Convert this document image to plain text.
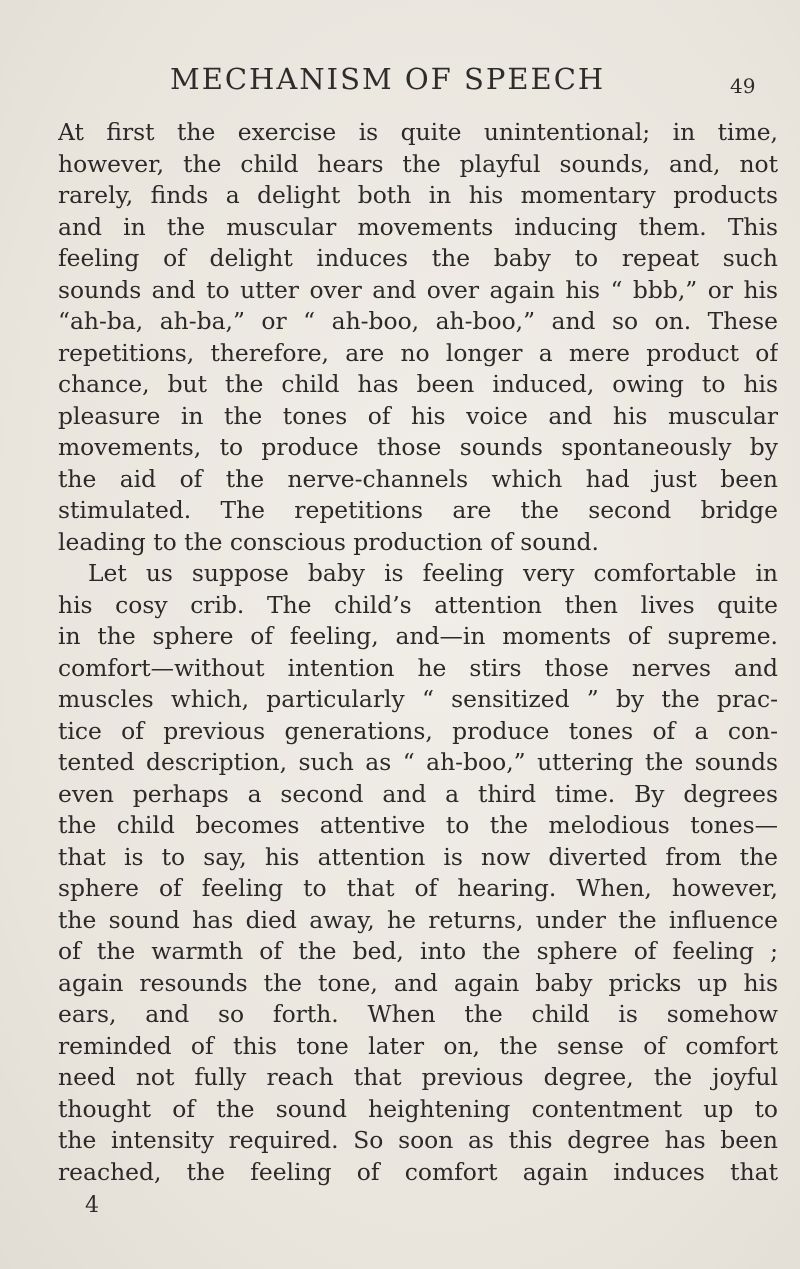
MECHANISM OF SPEECH	49
At first the exercise is quite unintentional; in time,
however, the child hears the playful sounds, and, not
rarely, finds a delight both in his momentary products
and in the muscular movements inducing them. This
feeling of delight induces the baby to repeat such
sounds and to utter over and over again his “ bbb,” or his
“ah-ba, ah-ba,” or “ ah-boo, ah-boo,” and so on. These
repetitions, therefore, are no longer a mere product of
chance, but the child has been induced, owing to his
pleasure in the tones of his voice and his muscular
movements, to produce those sounds spontaneously by
the aid of the nerve-channels which had just been
stimulated. The repetitions are the second bridge
leading to the conscious production of sound.
Let us suppose baby is feeling very comfortable in
his cosy crib. The child’s attention then lives quite
in the sphere of feeling, and—in moments of supreme.
comfort—without intention he stirs those nerves and
muscles which, particularly “ sensitized ” by the prac-
tice of previous generations, produce tones of a con-
tented description, such as “ ah-boo,” uttering the sounds
even perhaps a second and a third time. By degrees
the child becomes attentive to the melodious tones—
that is to say, his attention is now diverted from the
sphere of feeling to that of hearing. When, however,
the sound has died away, he returns, under the influence
of the warmth of the bed, into the sphere of feeling ;
again resounds the tone, and again baby pricks up his
ears, and so forth. When the child is somehow
reminded of this tone later on, the sense of comfort
need not fully reach that previous degree, the joyful
thought of the sound heightening contentment up to
the intensity required. So soon as this degree has been
reached, the feeling of comfort again induces that
4
